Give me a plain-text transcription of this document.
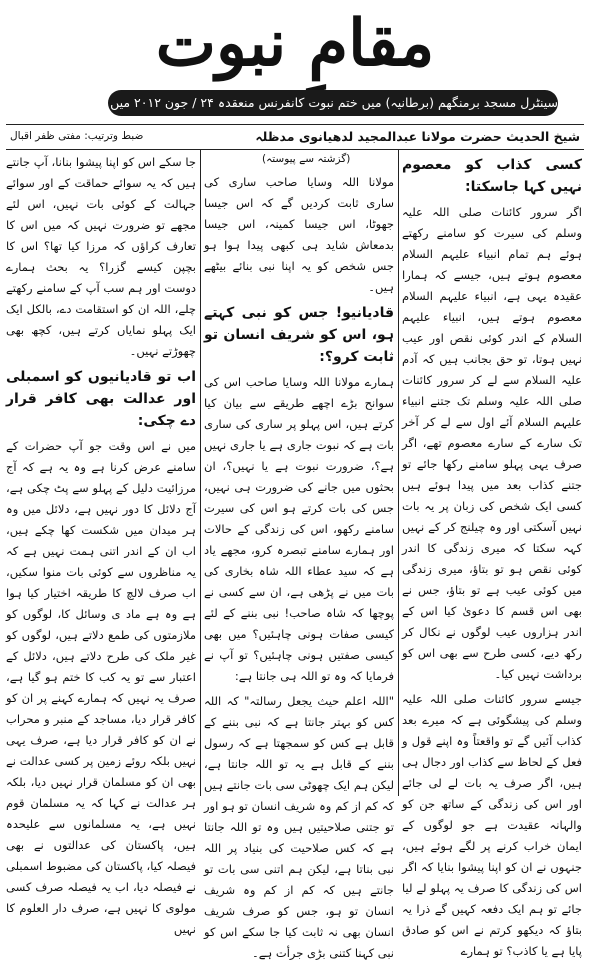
مقامِ نبوت
سینٹرل مسجد برمنگھم (برطانیہ) میں ختم نبوت کانفرنس منعقدہ ۲۴ / جون ۲۰۱۲ میں خطاب
شیخ الحدیث حضرت مولانا عبدالمجید لدھیانوی مدظلہ
ضبط وترتیب: مفتی ظفر اقبال
(گزشتہ سے پیوستہ)	کسی کذاب کو معصوم نہیں کہا جاسکتا:

اگر سرور کائنات صلی اللہ علیہ وسلم کی سیرت کو سامنے رکھتے ہوئے ہم تمام انبیاء علیہم السلام معصوم ہوتے ہیں، جیسے کہ ہمارا عقیدہ یہی ہے، انبیاء علیہم السلام معصوم ہوتے ہیں، انبیاء علیہم السلام کے اندر کوئی نقص اور عیب نہیں ہوتا، تو حق بجانب ہیں کہ آدم علیہ السلام سے لے کر سرور کائنات صلی اللہ علیہ وسلم تک جتنے انبیاء علیہم السلام آئے اول سے لے کر آخر تک سارے کے سارے معصوم تھے، اگر صرف یہی پہلو سامنے رکھا جائے تو جتنے کذاب بعد میں پیدا ہوئے ہیں کسی ایک شخص کی زبان پر یہ بات نہیں آسکتی اور وہ چیلنج کر کے نہیں کہہ سکتا کہ میری زندگی کا اندر کوئی نقص ہو تو بتاؤ، میری زندگی میں کوئی عیب ہے تو بتاؤ، جس نے بھی اس قسم کا دعویٰ کیا اس کے اندر ہزاروں عیب لوگوں نے نکال کر رکھ دیے، کسی طرح سے بھی اس کو برداشت نہیں کیا۔

جیسے سرور کائنات صلی اللہ علیہ وسلم کی پیشگوئی ہے کہ میرے بعد کذاب آئیں گے تو واقعتاً وہ اپنے قول و فعل کے لحاظ سے کذاب اور دجال ہی ہیں، اگر صرف یہ بات لے لی جائے اور اس کی زندگی کے ساتھ جن کو والہانہ عقیدت ہے جو لوگوں کے ایمان خراب کرنے پر لگے ہوئے ہیں، جنہوں نے ان کو اپنا پیشوا بنایا کہ اگر اس کی زندگی کا صرف یہ پہلو لے لیا جائے تو ہم ایک دفعہ کہیں گے ذرا یہ بتاؤ کہ دیکھو کرتم نے اس کو صادق پایا ہے یا کاذب؟ تو ہمارے

مولانا اللہ وسایا صاحب ساری کی ساری ثابت کردیں گے کہ اس جیسا جھوٹا، اس جیسا کمینہ، اس جیسا بدمعاش شاید ہی کبھی پیدا ہوا ہو جس شخص کو یہ اپنا نبی بنائے بیٹھے ہیں۔

قادیانیو! جس کو نبی کہتے ہو، اس کو شریف انسان تو ثابت کرو؟:

ہمارے مولانا اللہ وسایا صاحب اس کی سوانح بڑے اچھے طریقے سے بیان کیا کرتے ہیں، اس پہلو پر ساری کی ساری بات ہے کہ نبوت جاری ہے یا جاری نہیں ہے؟، ضرورت نبوت ہے یا نہیں؟، ان بحثوں میں جانے کی ضرورت ہی نہیں، جس کی بات کرتے ہو اس کی سیرت سامنے رکھو، اس کی زندگی کے حالات اور ہمارے سامنے تبصرہ کرو، مجھے یاد ہے کہ سید عطاء اللہ شاہ بخاری کی بات میں نے پڑھی ہے، ان سے کسی نے پوچھا کہ شاہ صاحب! نبی بننے کے لئے کیسی صفات ہونی چاہئیں؟ میں بھی کیسی صفتیں ہونی چاہئیں؟ تو آپ نے فرمایا کہ وہ تو اللہ ہی جانتا ہے:

"اللہ اعلم حیث یجعل رسالتہ" کہ اللہ کس کو بہتر جانتا ہے کہ نبی بننے کے قابل ہے کس کو سمجھتا ہے کہ رسول بننے کے قابل ہے یہ تو اللہ جانتا ہے، لیکن ہم ایک چھوٹی سی بات جانتے ہیں کہ کم از کم وہ شریف انسان تو ہو اور تو جتنی صلاحیتیں ہیں وہ تو اللہ جانتا ہے کہ کس صلاحیت کی بنیاد پر اللہ نبی بناتا ہے، لیکن ہم اتنی سی بات تو جانتے ہیں کہ کم از کم وہ شریف انسان تو ہو، جس کو صرف شریف انسان بھی نہ ثابت کیا جا سکے اس کو نبی کہنا کتنی بڑی جرأت ہے۔

جا سکے اس کو اپنا پیشوا بنانا، آپ جانتے ہیں کہ یہ سوائے حماقت کے اور سوائے جہالت کے کوئی بات نہیں، اس لئے مجھے تو ضرورت نہیں کہ میں اس کا تعارف کراؤں کہ مرزا کیا تھا؟ اس کا بچپن کیسے گزرا؟ یہ بحث ہمارے دوست اور ہم سب آپ کے سامنے رکھتے چلے، اللہ ان کو استقامت دے، بالکل ایک ایک پہلو نمایاں کرتے ہیں، کچھ بھی چھوڑتے نہیں۔

اب تو قادیانیوں کو اسمبلی اور عدالت بھی کافر قرار دے چکی:

میں نے اس وقت جو آپ حضرات کے سامنے عرض کرنا ہے وہ یہ ہے کہ آج مرزائیت دلیل کے پہلو سے پٹ چکی ہے، آج دلائل کا دور نہیں ہے، دلائل میں وہ ہر میدان میں شکست کھا چکے ہیں، اب ان کے اندر اتنی ہمت نہیں ہے کہ یہ مناظروں سے کوئی بات منوا سکیں، اب صرف لالچ کا طریقہ اختیار کیا ہوا ہے وہ ہے ماد ی وسائل کا، لوگوں کو ملازمتوں کی طمع دلاتے ہیں، لوگوں کو غیر ملک کی طرح دلاتے ہیں، دلائل کے اعتبار سے تو یہ کب کا ختم ہو گیا ہے، صرف یہ نہیں کہ ہمارے کہنے پر ان کو کافر قرار دیا، مساجد کے منبر و محراب نے ان کو کافر قرار دیا ہے، صرف یہی نہیں بلکہ روئے زمین پر کسی عدالت نے بھی ان کو مسلمان قرار نہیں دیا، بلکہ ہر عدالت نے کہا کہ یہ مسلمان قوم نہیں ہے، یہ مسلمانوں سے علیحدہ ہیں، پاکستان کی عدالتوں نے بھی فیصلہ کیا، پاکستان کی مضبوط اسمبلی نے فیصلہ دیا، اب یہ فیصلہ صرف کسی مولوی کا نہیں ہے، صرف دار العلوم کا نہیں
